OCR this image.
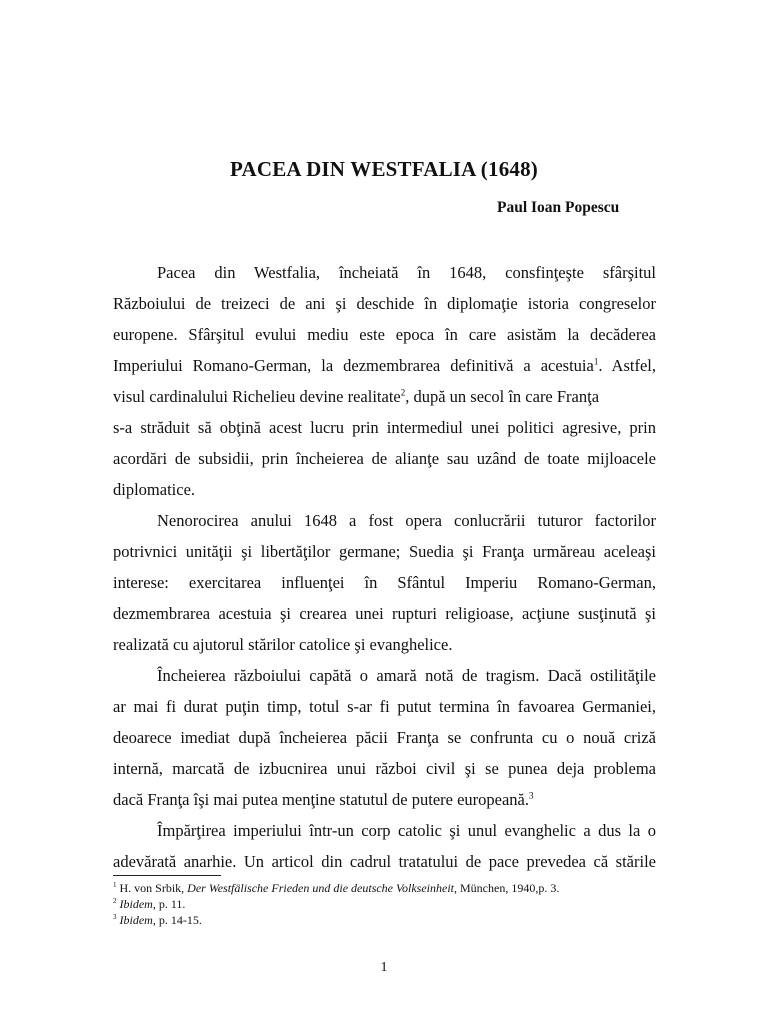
PACEA DIN WESTFALIA (1648)
Paul Ioan Popescu

Pacea din Westfalia, încheiată în 1648, consfinţeşte sfârşitul
Războiului de treizeci de ani şi deschide în diplomaţie istoria congreselor
europene. Sfârşitul evului mediu este epoca în care asistăm la decăderea
Imperiului Romano-German, la dezmembrarea definitivă a acestuia$^1$. Astfel,
visul cardinalului Richelieu devine realitate$^2$, după un secol în care Franţa
s-a străduit să obţină acest lucru prin intermediul unei politici agresive, prin
acordări de subsidii, prin încheierea de alianţe sau uzând de toate mijloacele
diplomatice.

Nenorocirea anului 1648 a fost opera conlucrării tuturor factorilor
potrivnici unităţii şi libertăţilor germane; Suedia şi Franţa urmăreau aceleaşi
interese: exercitarea influenţei în Sfântul Imperiu Romano-German,
dezmembrarea acestuia şi crearea unei rupturi religioase, acţiune susţinută şi
realizată cu ajutorul stărilor catolice şi evanghelice.

Încheierea războiului capătă o amară notă de tragism. Dacă ostilităţile
ar mai fi durat puţin timp, totul s-ar fi putut termina în favoarea Germaniei,
deoarece imediat după încheierea păcii Franţa se confrunta cu o nouă criză
internă, marcată de izbucnirea unui război civil şi se punea deja problema
dacă Franţa îşi mai putea menţine statutul de putere europeană.$^3$

Împărţirea imperiului într-un corp catolic şi unul evanghelic a dus la o
adevărată anarhie. Un articol din cadrul tratatului de pace prevedea că stările

$^1$ H. von Srbik, Der Westfälische Frieden und die deutsche Volkseinheit, München, 1940,p. 3.
$^2$ Ibidem, p. 11.
$^3$ Ibidem, p. 14-15.
1
